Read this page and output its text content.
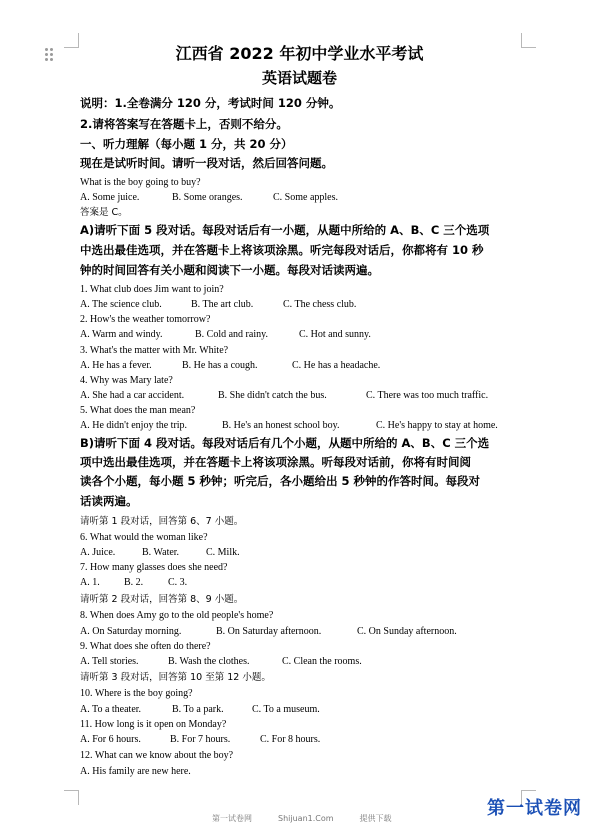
江西省 2022 年初中学业水平考试
英语试题卷
说明：1.全卷满分 120 分，考试时间 120 分钟。
2.请将答案写在答题卡上，否则不给分。
一、听力理解（每小题 1 分，共 20 分）
现在是试听时间。请听一段对话，然后回答问题。
What is the boy going to buy?
A. Some juice.	B. Some oranges.	C. Some apples.
答案是 C。
A)请听下面 5 段对话。每段对话后有一小题，从题中所给的 A、B、C 三个选项
中选出最佳选项，并在答题卡上将该项涂黑。听完每段对话后，你都将有 10 秒
钟的时间回答有关小题和阅读下一小题。每段对话读两遍。
1. What club does Jim want to join?
A. The science club.	B. The art club.	C. The chess club.
2. How's the weather tomorrow?
A. Warm and windy.	B. Cold and rainy.	C. Hot and sunny.
3. What's the matter with Mr. White?
A. He has a fever.	B. He has a cough.	C. He has a headache.
4. Why was Mary late?
A. She had a car accident.	B. She didn't catch the bus.	C. There was too much traffic.
5. What does the man mean?
A. He didn't enjoy the trip.	B. He's an honest school boy.	C. He's happy to stay at home.
B)请听下面 4 段对话。每段对话后有几个小题，从题中所给的 A、B、C 三个选
项中选出最佳选项，并在答题卡上将该项涂黑。听每段对话前，你将有时间阅
读各个小题，每小题 5 秒钟；听完后，各小题给出 5 秒钟的作答时间。每段对
话读两遍。
请听第 1 段对话，回答第 6、7 小题。
6. What would the woman like?
A. Juice.	B. Water.	C. Milk.
7. How many glasses does she need?
A. 1. B. 2. C. 3.
请听第 2 段对话，回答第 8、9 小题。
8. When does Amy go to the old people's home?
A. On Saturday morning.	B. On Saturday afternoon.	C. On Sunday afternoon.
9. What does she often do there?
A. Tell stories.	B. Wash the clothes.	C. Clean the rooms.
请听第 3 段对话，回答第 10 至第 12 小题。
10. Where is the boy going?
A. To a theater.	B. To a park.	C. To a museum.
11. How long is it open on Monday?
A. For 6 hours.	B. For 7 hours.	C. For 8 hours.
12. What can we know about the boy?
A. His family are new here.
第一试卷网	Shijuan1.Com	提供下载	第一试卷网
